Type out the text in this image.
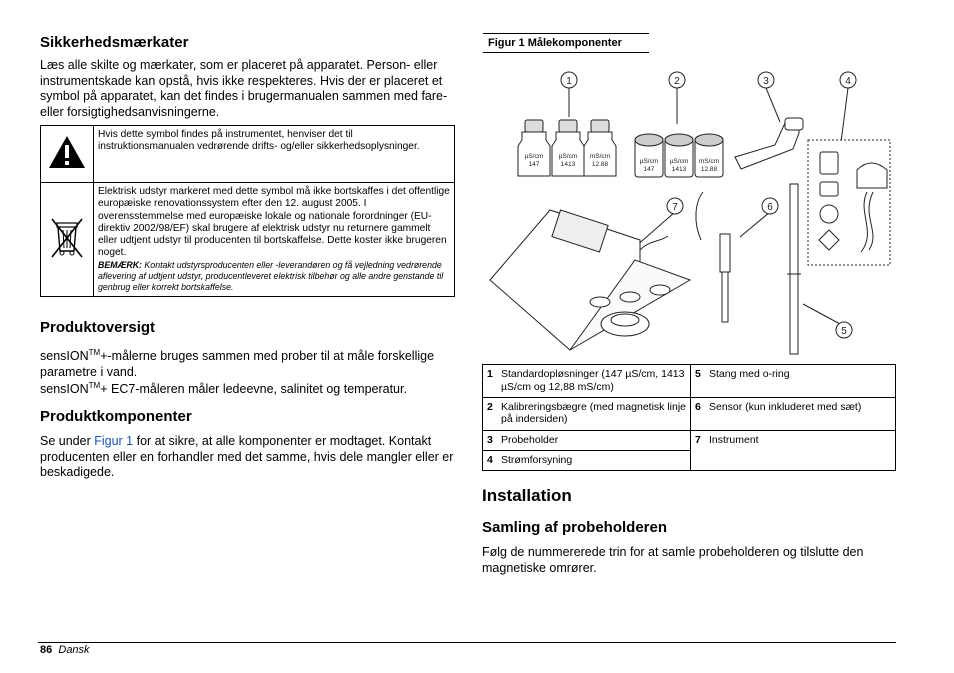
Sikkerhedsmærkater

Læs alle skilte og mærkater, som er placeret på apparatet. Person- eller instrumentskade kan opstå, hvis ikke respekteres. Hvis der er placeret et symbol på apparatet, kan det findes i brugermanualen sammen med fare- eller forsigtighedsanvisningerne.

	Hvis dette symbol findes på instrumentet, henviser det til instruktionsmanualen vedrørende drifts- og/eller sikkerhedsoplysninger.

Elektrisk udstyr markeret med dette symbol må ikke bortskaffes i det offentlige europæiske renovationssystem efter den 12. august 2005. I overensstemmelse med europæiske lokale og nationale forordninger (EU-direktiv 2002/98/EF) skal brugere af elektrisk udstyr nu returnere gammelt eller udtjent udstyr til producenten til bortskaffelse. Dette koster ikke brugeren noget.
BEMÆRK: Kontakt udstyrsproducenten eller -leverandøren og få vejledning vedrørende aflevering af udtjent udstyr, producentleveret elektrisk tilbehør og alle andre genstande til genbrug eller korrekt bortskaffelse.
Produktoversigt

sensION™+-målerne bruges sammen med prober til at måle forskellige parametre i vand.

sensION™+ EC7-måleren måler ledeevne, salinitet og temperatur.

Produktkomponenter

Se under Figur 1 for at sikre, at alle komponenter er modtaget. Kontakt producenten eller en forhandler med det samme, hvis dele mangler eller er beskadigede.

Figur 1 Målekomponenter
µS/cm
147
µS/cm
1413
mS/cm
12.88	µS/cm
147
µS/cm
1413
mS/cm
12.88
1	2	3	4
7	6
5
1	Standardopløsninger (147 µS/cm, 1413 µS/cm og 12,88 mS/cm)	5	Stang med o-ring
2	Kalibreringsbægre (med magnetisk linje på indersiden)	6	Sensor (kun inkluderet med sæt)
3	Probeholder	7	Instrument
4	Strømforsyning		
Installation
Samling af probeholderen

Følg de nummererede trin for at samle probeholderen og tilslutte den magnetiske omrører.

86 Dansk
